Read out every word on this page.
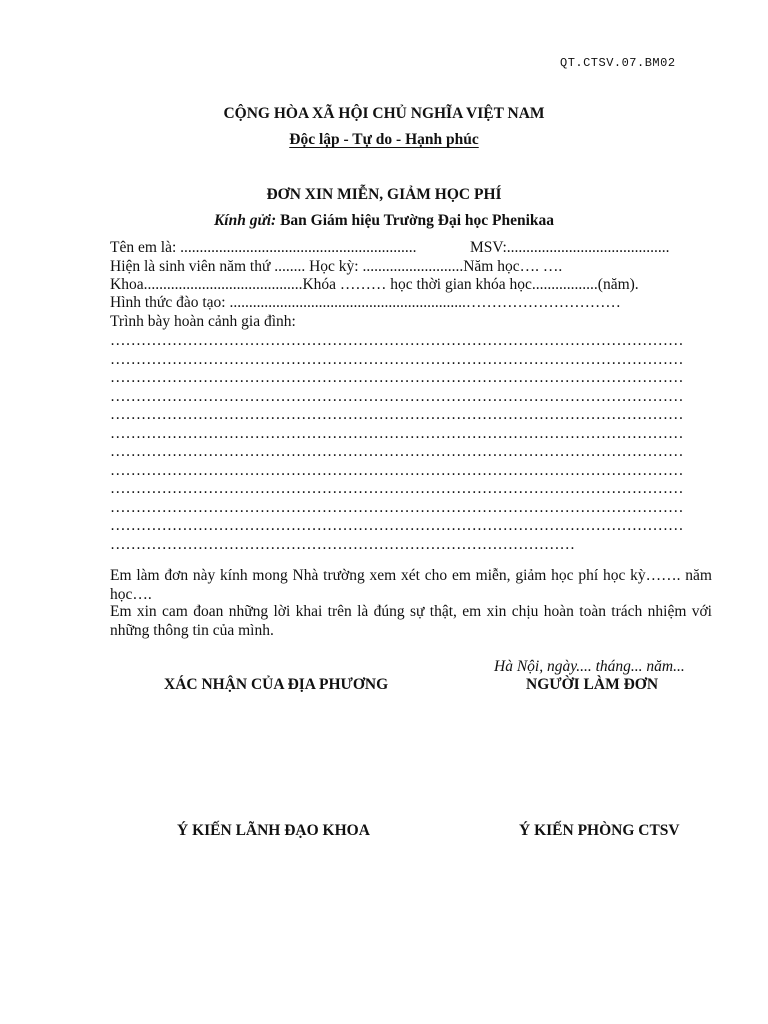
QT.CTSV.07.BM02
CỘNG HÒA XÃ HỘI CHỦ NGHĨA VIỆT NAM
Độc lập - Tự do - Hạnh phúc
ĐƠN XIN MIỄN, GIẢM HỌC PHÍ
Kính gửi: Ban Giám hiệu Trường Đại học Phenikaa
Tên em là: .............................................................	MSV:..........................................
Hiện là sinh viên năm thứ ........ Học kỳ: ..........................Năm học…. ….
Khoa.........................................Khóa ……… học thời gian khóa học.................(năm).
Hình thức đào tạo: .............................................................…………………………
Trình bày hoàn cảnh gia đình:
…………………………………………………………………………………………………
…………………………………………………………………………………………………
…………………………………………………………………………………………………
…………………………………………………………………………………………………
…………………………………………………………………………………………………
…………………………………………………………………………………………………
…………………………………………………………………………………………………
…………………………………………………………………………………………………
…………………………………………………………………………………………………
…………………………………………………………………………………………………
…………………………………………………………………………………………………
………………………………………………………………………………
Em làm đơn này kính mong Nhà trường xem xét cho em miễn, giảm học phí học kỳ……. năm học….
Em xin cam đoan những lời khai trên là đúng sự thật, em xin chịu hoàn toàn trách nhiệm với những thông tin của mình.
Hà Nội, ngày.... tháng... năm...
XÁC NHẬN CỦA ĐỊA PHƯƠNG	NGƯỜI LÀM ĐƠN
Ý KIẾN LÃNH ĐẠO KHOA	Ý KIẾN PHÒNG CTSV
